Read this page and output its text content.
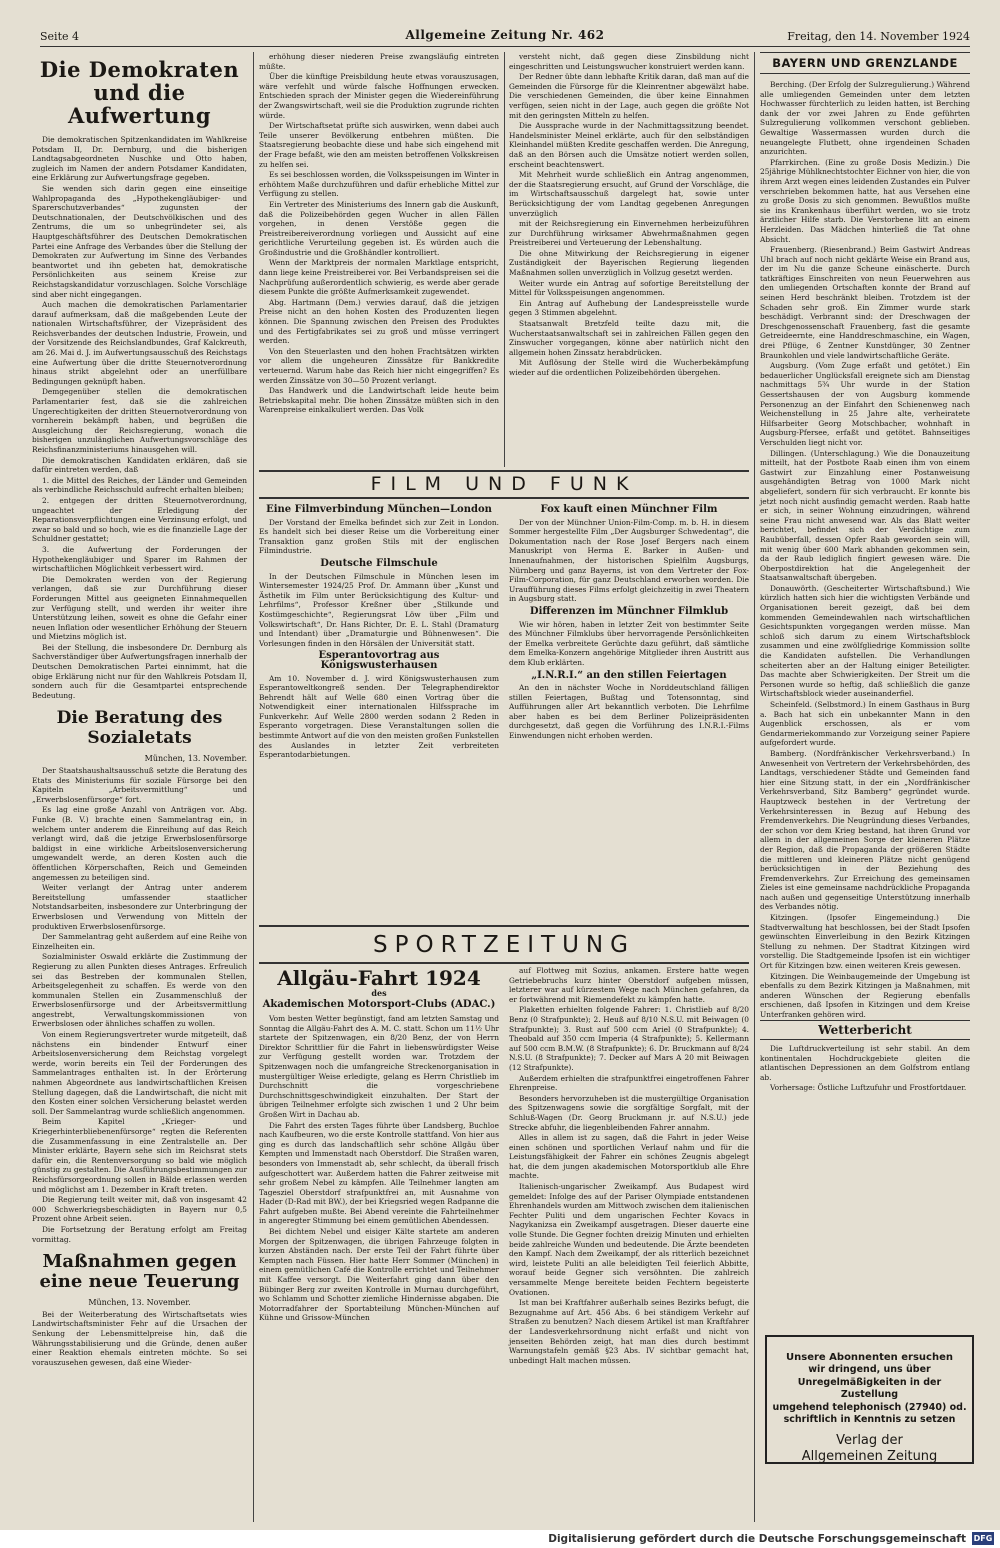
Seite 4	Allgemeine Zeitung Nr. 462	Freitag, den 14. November 1924
Die Demokraten und die Aufwertung

Die demokratischen Spitzenkandidaten im Wahlkreise Potsdam II, Dr. Dernburg, und die bisherigen Landtagsabgeordneten Nuschke und Otto haben, zugleich im Namen der andern Potsdamer Kandidaten, eine Erklärung zur Aufwertungsfrage gegeben.

Sie wenden sich darin gegen eine einseitige Wahlpropaganda des „Hypothekengläubiger- und Sparerschutzverbandes“ zugunsten der Deutschnationalen, der Deutschvölkischen und des Zentrums, die um so unbegründeter sei, als Hauptgeschäftsführer des Deutschen Demokratischen Partei eine Anfrage des Verbandes über die Stellung der Demokraten zur Aufwertung im Sinne des Verbandes beantwortet und ihn gebeten hat, demokratische Persönlichkeiten aus seinem Kreise zur Reichstagskandidatur vorzuschlagen. Solche Vorschläge sind aber nicht eingegangen.

Auch machen die demokratischen Parlamentarier darauf aufmerksam, daß die maßgebenden Leute der nationalen Wirtschaftsführer, der Vizepräsident des Reichsverbandes der deutschen Industrie, Frowein, und der Vorsitzende des Reichslandbundes, Graf Kalckreuth, am 26. Mai d. J. im Aufwertungsausschuß des Reichstags eine Aufwertung über die dritte Steuernotverordnung hinaus strikt abgelehnt oder an unerfüllbare Bedingungen geknüpft haben.

Demgegenüber stellen die demokratischen Parlamentarier fest, daß sie die zahlreichen Ungerechtigkeiten der dritten Steuernotverordnung von vornherein bekämpft haben, und begrüßen die Ausgleichung der Reichsregierung, wonach die bisherigen unzulänglichen Aufwertungsvorschläge des Reichsfinanzministeriums hinausgehen will.

Die demokratischen Kandidaten erklären, daß sie dafür eintreten werden, daß

1. die Mittel des Reiches, der Länder und Gemeinden als verbindliche Reichsschuld aufrecht erhalten bleiben;

2. entgegen der dritten Steuernotverordnung, ungeachtet der Erledigung der Reparationsverpflichtungen eine Verzinsung erfolgt, und zwar so bald und so hoch, wie es die finanzielle Lage der Schuldner gestattet;

3. die Aufwertung der Forderungen der Hypothekengläubiger und Sparer im Rahmen der wirtschaftlichen Möglichkeit verbessert wird.

Die Demokraten werden von der Regierung verlangen, daß sie zur Durchführung dieser Forderungen Mittel aus geeigneten Einnahmequellen zur Verfügung stellt, und werden ihr weiter ihre Unterstützung leihen, soweit es ohne die Gefahr einer neuen Inflation oder wesentlicher Erhöhung der Steuern und Mietzins möglich ist.

Bei der Stellung, die insbesondere Dr. Dernburg als Sachverständiger über Aufwertungsfragen innerhalb der Deutschen Demokratischen Partei einnimmt, hat die obige Erklärung nicht nur für den Wahlkreis Potsdam II, sondern auch für die Gesamtpartei entsprechende Bedeutung.

Die Beratung des Sozialetats
München, 13. November.

Der Staatshaushaltsausschuß setzte die Beratung des Etats des Ministeriums für soziale Fürsorge bei den Kapiteln „Arbeitsvermittlung“ und „Erwerbslosenfürsorge“ fort.

Es lag eine große Anzahl von Anträgen vor. Abg. Funke (B. V.) brachte einen Sammelantrag ein, in welchem unter anderem die Einreihung auf das Reich verlangt wird, daß die jetzige Erwerbslosenfürsorge baldigst in eine wirkliche Arbeitslosenversicherung umgewandelt werde, an deren Kosten auch die öffentlichen Körperschaften, Reich und Gemeinden angemessen zu beteiligen sind.

Weiter verlangt der Antrag unter anderem Bereitstellung umfassender staatlicher Notstandsarbeiten, insbesondere zur Unterbringung der Erwerbslosen und Verwendung von Mitteln der produktiven Erwerbslosenfürsorge.

Der Sammelantrag geht außerdem auf eine Reihe von Einzelheiten ein.

Sozialminister Oswald erklärte die Zustimmung der Regierung zu allen Punkten dieses Antrages. Erfreulich sei das Bestreben der kommunalen Stellen, Arbeitsgelegenheit zu schaffen. Es werde von den kommunalen Stellen ein Zusammenschluß der Erwerbslosenfürsorge und der Arbeitsvermittlung angestrebt, Verwaltungskommissionen von Erwerbslosen oder ähnliches schaffen zu wollen.

Von einem Regierungsvertreter wurde mitgeteilt, daß nächstens ein bindender Entwurf einer Arbeitslosenversicherung dem Reichstag vorgelegt werde, worin bereits ein Teil der Forderungen des Sammelantrages enthalten ist. In der Erörterung nahmen Abgeordnete aus landwirtschaftlichen Kreisen Stellung dagegen, daß die Landwirtschaft, die nicht mit den Kosten einer solchen Versicherung belastet werden soll. Der Sammelantrag wurde schließlich angenommen.

Beim Kapitel „Krieger- und Kriegerhinterbliebenenfürsorge“ regten die Referenten die Zusammenfassung in eine Zentralstelle an. Der Minister erklärte, Bayern sehe sich im Reichsrat stets dafür ein, die Rentenversorgung so bald wie möglich günstig zu gestalten. Die Ausführungsbestimmungen zur Reichsfürsorgeordnung sollen in Bälde erlassen werden und möglichst am 1. Dezember in Kraft treten.

Die Regierung teilt weiter mit, daß von insgesamt 42 000 Schwerkriegsbeschädigten in Bayern nur 0,5 Prozent ohne Arbeit seien.

Die Fortsetzung der Beratung erfolgt am Freitag vormittag.

Maßnahmen gegen eine neue Teuerung
München, 13. November.

Bei der Weiterberatung des Wirtschaftsetats wies Landwirtschaftsminister Fehr auf die Ursachen der Senkung der Lebensmittelpreise hin, daß die Währungsstabilisierung und die Gründe, denen außer einer Reaktion ehemals eintreten möchte. So sei vorauszusehen gewesen, daß eine Wieder-

erhöhung dieser niederen Preise zwangsläufig eintreten müßte.

Über die künftige Preisbildung heute etwas vorauszusagen, wäre verfehlt und würde falsche Hoffnungen erwecken. Entschieden sprach der Minister gegen die Wiedereinführung der Zwangswirtschaft, weil sie die Produktion zugrunde richten würde.

Der Wirtschaftsetat prüfte sich auswirken, wenn dabei auch Teile unserer Bevölkerung entbehren müßten. Die Staatsregierung beobachte diese und habe sich eingehend mit der Frage befaßt, wie den am meisten betroffenen Volkskreisen zu helfen sei.

Es sei beschlossen worden, die Volksspeisungen im Winter in erhöhtem Maße durchzuführen und dafür erhebliche Mittel zur Verfügung zu stellen.

Ein Vertreter des Ministeriums des Innern gab die Auskunft, daß die Polizeibehörden gegen Wucher in allen Fällen vorgehen, in denen Verstöße gegen die Preistreibereiverordnung vorliegen und Aussicht auf eine gerichtliche Verurteilung gegeben ist. Es würden auch die Großindustrie und die Großhändler kontrolliert.

Wenn der Marktpreis der normalen Marktlage entspricht, dann liege keine Preistreiberei vor. Bei Verbandspreisen sei die Nachprüfung außerordentlich schwierig, es werde aber gerade diesem Punkte die größte Aufmerksamkeit zugewendet.

Abg. Hartmann (Dem.) verwies darauf, daß die jetzigen Preise nicht an den hohen Kosten des Produzenten liegen können. Die Spannung zwischen den Preisen des Produktes und des Fertigfabrikates sei zu groß und müsse verringert werden.

Von den Steuerlasten und den hohen Frachtsätzen wirkten vor allem die ungeheuren Zinssätze für Bankkredite verteuernd. Warum habe das Reich hier nicht eingegriffen? Es werden Zinssätze von 30—50 Prozent verlangt.

Das Handwerk und die Landwirtschaft leide heute beim Betriebskapital mehr. Die hohen Zinssätze müßten sich in den Warenpreise einkalkuliert werden. Das Volk

versteht nicht, daß gegen diese Zinsbildung nicht eingeschritten und Leistungswucher konstruiert werden kann.

Der Redner übte dann lebhafte Kritik daran, daß man auf die Gemeinden die Fürsorge für die Kleinrentner abgewälzt habe. Die verschiedenen Gemeinden, die über keine Einnahmen verfügen, seien nicht in der Lage, auch gegen die größte Not mit den geringsten Mitteln zu helfen.

Die Aussprache wurde in der Nachmittagssitzung beendet. Handelsminister Meinel erklärte, auch für den selbständigen Kleinhandel müßten Kredite geschaffen werden. Die Anregung, daß an den Börsen auch die Umsätze notiert werden sollen, erscheint beachtenswert.

Mit Mehrheit wurde schließlich ein Antrag angenommen, der die Staatsregierung ersucht, auf Grund der Vorschläge, die im Wirtschaftsausschuß dargelegt hat, sowie unter Berücksichtigung der vom Landtag gegebenen Anregungen unverzüglich

mit der Reichsregierung ein Einvernehmen herbeizuführen zur Durchführung wirksamer Abwehrmaßnahmen gegen Preistreiberei und Verteuerung der Lebenshaltung.

Die ohne Mitwirkung der Reichsregierung in eigener Zuständigkeit der Bayerischen Regierung liegenden Maßnahmen sollen unverzüglich in Vollzug gesetzt werden.

Weiter wurde ein Antrag auf sofortige Bereitstellung der Mittel für Volksspeisungen angenommen.

Ein Antrag auf Aufhebung der Landespreisstelle wurde gegen 3 Stimmen abgelehnt.

Staatsanwalt Bretzfeld teilte dazu mit, die Wucherstaatsanwaltschaft sei in zahlreichen Fällen gegen den Zinswucher vorgegangen, könne aber natürlich nicht den allgemein hohen Zinssatz herabdrücken.

Mit Auflösung der Stelle wird die Wucherbekämpfung wieder auf die ordentlichen Polizeibehörden übergehen.

FILM UND FUNK
Eine Filmverbindung München—London

Der Vorstand der Emelka befindet sich zur Zeit in London. Es handelt sich bei dieser Reise um die Vorbereitung einer Transaktion ganz großen Stils mit der englischen Filmindustrie.

Deutsche Filmschule

In der Deutschen Filmschule in München lesen im Wintersemester 1924/25 Prof. Dr. Ammann über „Kunst und Ästhetik im Film unter Berücksichtigung des Kultur- und Lehrfilms“, Professor Kreßner über „Stilkunde und Kostümgeschichte“, Regierungsrat Löw über „Film und Volkswirtschaft“, Dr. Hans Richter, Dr. E. L. Stahl (Dramaturg und Intendant) über „Dramaturgie und Bühnenwesen“. Die Vorlesungen finden in den Hörsälen der Universität statt.

Esperantovortrag aus Königswusterhausen

Am 10. November d. J. wird Königswusterhausen zum Esperantoweltkongreß senden. Der Telegraphendirektor Behrendt hält auf Welle 680 einen Vortrag über die Notwendigkeit einer internationalen Hilfssprache im Funkverkehr. Auf Welle 2800 werden sodann 2 Reden in Esperanto vorgetragen. Diese Veranstaltungen sollen die bestimmte Antwort auf die von den meisten großen Funkstellen des Auslandes in letzter Zeit verbreiteten Esperantodarbietungen.

Fox kauft einen Münchner Film

Der von der Münchner Union-Film-Comp. m. b. H. in diesem Sommer hergestellte Film „Der Augsburger Schwedentag“, die Dokumentation nach der Rose Josef Bergers nach einem Manuskript von Herma E. Barker in Außen- und Innenaufnahmen, der historischen Spielfilm Augsburgs, Nürnberg und ganz Bayerns, ist von dem Vertreter der Fox-Film-Corporation, für ganz Deutschland erworben worden. Die Uraufführung dieses Films erfolgt gleichzeitig in zwei Theatern in Augsburg statt.

Differenzen im Münchner Filmklub

Wie wir hören, haben in letzter Zeit von bestimmter Seite des Münchner Filmklubs über hervorragende Persönlichkeiten der Emelka verbreitete Gerüchte dazu geführt, daß sämtliche dem Emelka-Konzern angehörige Mitglieder ihren Austritt aus dem Klub erklärten.

„I.N.R.I.“ an den stillen Feiertagen

An den in nächster Woche in Norddeutschland fälligen stillen Feiertagen, Bußtag und Totensonntag, sind Aufführungen aller Art bekanntlich verboten. Die Lehrfilme aber haben es bei dem Berliner Polizeipräsidenten durchgesetzt, daß gegen die Vorführung des I.N.R.I.-Films Einwendungen nicht erhoben werden.

SPORTZEITUNG
Allgäu-Fahrt 1924
des
Akademischen Motorsport-Clubs (ADAC.)

Vom besten Wetter begünstigt, fand am letzten Samstag und Sonntag die Allgäu-Fahrt des A. M. C. statt. Schon um 11½ Uhr startete der Spitzenwagen, ein 8/20 Benz, der von Herrn Direktor Schrittlier für die Fahrt in liebenswürdigster Weise zur Verfügung gestellt worden war. Trotzdem der Spitzenwagen noch die umfangreiche Streckenorganisation in mustergültiger Weise erledigte, gelang es Herrn Christlieb im Durchschnitt die vorgeschriebene Durchschnittsgeschwindigkeit einzuhalten. Der Start der übrigen Teilnehmer erfolgte sich zwischen 1 und 2 Uhr beim Großen Wirt in Dachau ab.

Die Fahrt des ersten Tages führte über Landsberg, Buchloe nach Kaufbeuren, wo die erste Kontrolle stattfand. Von hier aus ging es durch das landschaftlich sehr schöne Allgäu über Kempten und Immenstadt nach Oberstdorf. Die Straßen waren, besonders von Immenstadt ab, sehr schlecht, da überall frisch aufgeschottert war. Außerdem hatten die Fahrer zeitweise mit sehr großem Nebel zu kämpfen. Alle Teilnehmer langten am Tagesziel Oberstdorf strafpunktfrei an, mit Ausnahme von Hader (D-Rad mit BW.), der bei Kriegsried wegen Radpanne die Fahrt aufgeben mußte. Bei Abend vereinte die Fahrteilnehmer in angeregter Stimmung bei einem gemütlichen Abendessen.

Bei dichtem Nebel und eisiger Kälte startete am anderen Morgen der Spitzenwagen, die übrigen Fahrzeuge folgten in kurzen Abständen nach. Der erste Teil der Fahrt führte über Kempten nach Füssen. Hier hatte Herr Sommer (München) in einem gemütlichen Café die Kontrolle errichtet und Teilnehmer mit Kaffee versorgt. Die Weiterfahrt ging dann über den Bübinger Berg zur zweiten Kontrolle in Murnau durchgeführt, wo Schlamm und Schotter ziemliche Hindernisse abgaben. Die Motorradfahrer der Sportabteilung München-München auf Kühne und Grissow-München

auf Flottweg mit Sozius, ankamen. Erstere hatte wegen Getriebebruchs kurz hinter Oberstdorf aufgeben müssen, letzterer war auf kürzestem Wege nach München gefahren, da er fortwährend mit Riemendefekt zu kämpfen hatte.

Plaketten erhielten folgende Fahrer: 1. Christlieb auf 8/20 Benz (0 Strafpunkte); 2. Heuß auf 8/10 N.S.U. mit Beiwagen (0 Strafpunkte); 3. Rust auf 500 ccm Ariel (0 Strafpunkte); 4. Theobald auf 350 ccm Imperia (4 Strafpunkte); 5. Kellermann auf 500 ccm B.M.W. (8 Strafpunkte); 6. Dr. Bruckmann auf 8/24 N.S.U. (8 Strafpunkte); 7. Decker auf Mars A 20 mit Beiwagen (12 Strafpunkte).

Außerdem erhielten die strafpunktfrei eingetroffenen Fahrer Ehrenpreise.

Besonders hervorzuheben ist die mustergültige Organisation des Spitzenwagens sowie die sorgfältige Sorgfalt, mit der Schluß-Wagen (Dr. Georg Bruckmann jr. auf N.S.U.) jede Strecke abfuhr, die liegenbleibenden Fahrer annahm.

Alles in allem ist zu sagen, daß die Fahrt in jeder Weise einen schönen und sportlichen Verlauf nahm und für die Leistungsfähigkeit der Fahrer ein schönes Zeugnis abgelegt hat, die dem jungen akademischen Motorsportklub alle Ehre machte.

Italienisch-ungarischer Zweikampf. Aus Budapest wird gemeldet: Infolge des auf der Pariser Olympiade entstandenen Ehrenhandels wurden am Mittwoch zwischen dem italienischen Fechter Puliti und dem ungarischen Fechter Kovacs in Nagykanizsa ein Zweikampf ausgetragen. Dieser dauerte eine volle Stunde. Die Gegner fochten dreizig Minuten und erhielten beide zahlreiche Wunden und bedeutende. Die Ärzte beendeten den Kampf. Nach dem Zweikampf, der als ritterlich bezeichnet wird, leistete Puliti an alle beleidigten Teil feierlich Abbitte, worauf beide Gegner sich versöhnten. Die zahlreich versammelte Menge bereitete beiden Fechtern begeisterte Ovationen.

Ist man bei Kraftfahrer außerhalb seines Bezirks befugt, die Bezugnahme auf Art. 456 Abs. 6 bei ständigem Verkehr auf Straßen zu benutzen? Nach diesem Artikel ist man Kraftfahrer der Landesverkehrsordnung nicht erfaßt und nicht von jenseiten Behörden zeigt, hat man dies durch bestimmt Warnungstafeln gemäß §23 Abs. IV sichtbar gemacht hat, unbedingt Halt machen müssen.

BAYERN UND GRENZLANDE

Berching. (Der Erfolg der Sulzregulierung.) Während alle umliegenden Gemeinden unter dem letzten Hochwasser fürchterlich zu leiden hatten, ist Berching dank der vor zwei Jahren zu Ende geführten Sulzregulierung vollkommen verschont geblieben. Gewaltige Wassermassen wurden durch die neuangelegte Flutbett, ohne irgendeinen Schaden anzurichten.

Pfarrkirchen. (Eine zu große Dosis Medizin.) Die 25jährige Mühlknechtstochter Eichner von hier, die von ihrem Arzt wegen eines leidenden Zustandes ein Pulver verschrieben bekommen hatte, hat aus Versehen eine zu große Dosis zu sich genommen. Bewußtlos mußte sie ins Krankenhaus überführt werden, wo sie trotz ärztlicher Hilfe starb. Die Verstorbene litt an einem Herzleiden. Das Mädchen hinterließ die Tat ohne Absicht.

Frauenberg. (Riesenbrand.) Beim Gastwirt Andreas Uhl brach auf noch nicht geklärte Weise ein Brand aus, der im Nu die ganze Scheune einäscherte. Durch tatkräftiges Einschreiten von neun Feuerwehren aus den umliegenden Ortschaften konnte der Brand auf seinen Herd beschränkt bleiben. Trotzdem ist der Schaden sehr groß. Ein Zimmer wurde stark beschädigt. Verbrannt sind: der Dreschwagen der Dreschgenossenschaft Frauenberg, fast die gesamte Getreideernte, eine Handdreschmaschine, ein Wagen, drei Pflüge, 6 Zentner Kunstdünger, 30 Zentner Braunkohlen und viele landwirtschaftliche Geräte.

Augsburg. (Vom Zuge erfaßt und getötet.) Ein bedauerlicher Unglücksfall ereignete sich am Dienstag nachmittags 5¾ Uhr wurde in der Station Gessertshausen der von Augsburg kommende Personenzug an der Einfahrt den Schienenweg nach Weichenstellung in 25 Jahre alte, verheiratete Hilfsarbeiter Georg Motschbacher, wohnhaft in Augsburg-Pfersee, erfaßt und getötet. Bahnseitiges Verschulden liegt nicht vor.

Dillingen. (Unterschlagung.) Wie die Donauzeitung mitteilt, hat der Postbote Raab einen ihm von einem Gastwirt zur Einzahlung einer Postanweisung ausgehändigten Betrag von 1000 Mark nicht abgeliefert, sondern für sich verbraucht. Er konnte bis jetzt noch nicht ausfindig gemacht werden. Raab hatte er sich, in seiner Wohnung einzudringen, während seine Frau nicht anwesend war. Als das Blatt weiter berichtet, befindet sich der Verdächtige zum Raubüberfall, dessen Opfer Raab geworden sein will, mit wenig über 600 Mark abhanden gekommen sein, da der Raub lediglich fingiert gewesen wäre. Die Oberpostdirektion hat die Angelegenheit der Staatsanwaltschaft übergeben.

Donauwörth. (Gescheiterter Wirtschaftsbund.) Wie kürzlich hatten sich hier die wichtigsten Verbände und Organisationen bereit gezeigt, daß bei dem kommenden Gemeindewahlen nach wirtschaftlichen Gesichtspunkten vorgegangen werden müsse. Man schloß sich darum zu einem Wirtschaftsblock zusammen und eine zwölfgliedrige Kommission sollte die Kandidaten aufstellen. Die Verhandlungen scheiterten aber an der Haltung einiger Beteiligter. Das machte aber Schwierigkeiten. Der Streit um die Personen wurde so heftig, daß schließlich die ganze Wirtschaftsblock wieder auseinanderfiel.

Scheinfeld. (Selbstmord.) In einem Gasthaus in Burg a. Bach hat sich ein unbekannter Mann in den Augenblick erschossen, als er vom Gendarmeriekommando zur Vorzeigung seiner Papiere aufgefordert wurde.

Bamberg. (Nordfränkischer Verkehrsverband.) In Anwesenheit von Vertretern der Verkehrsbehörden, des Landtags, verschiedener Städte und Gemeinden fand hier eine Sitzung statt, in der ein „Nordfränkischer Verkehrsverband, Sitz Bamberg“ gegründet wurde. Hauptzweck bestehen in der Vertretung der Verkehrsinteressen in Bezug auf Hebung des Fremdenverkehrs. Die Neugründung dieses Verbandes, der schon vor dem Krieg bestand, hat ihren Grund vor allem in der allgemeinen Sorge der kleineren Plätze der Region, daß die Propaganda der größeren Städte die mittleren und kleineren Plätze nicht genügend berücksichtigen in der Beziehung des Fremdenverkehrs. Zur Erreichung des gemeinsamen Zieles ist eine gemeinsame nachdrückliche Propaganda nach außen und gegenseitige Unterstützung innerhalb des Verbandes nötig.

Kitzingen. (Ipsofer Eingemeindung.) Die Stadtverwaltung hat beschlossen, bei der Stadt Ipsofen gewünschten Einverleibung in den Bezirk Kitzingen Stellung zu nehmen. Der Stadtrat Kitzingen wird vorstellig. Die Stadtgemeinde Ipsofen ist ein wichtiger Ort für Kitzingen bzw. einen weiteren Kreis gewesen.

Kitzingen. Die Weinbaugemeinde der Umgebung ist ebenfalls zu dem Bezirk Kitzingen ja Maßnahmen, mit anderen Wünschen der Regierung ebenfalls erschienen, daß Ipsofen in Kitzingen und dem Kreise Unterfranken gehören wird.

Wetterbericht

Die Luftdruckverteilung ist sehr stabil. An dem kontinentalen Hochdruckgebiete gleiten die atlantischen Depressionen an dem Golfstrom entlang ab.

Vorhersage: Östliche Luftzufuhr und Frostfortdauer.

Unsere Abonnenten ersuchen
wir dringend, uns über Unregelmäßigkeiten in der Zustellung
umgehend telephonisch (27940) od.
schriftlich in Kenntnis zu setzen
Verlag der
Allgemeinen Zeitung
Digitalisierung gefördert durch die Deutsche Forschungsgemeinschaft DFG
